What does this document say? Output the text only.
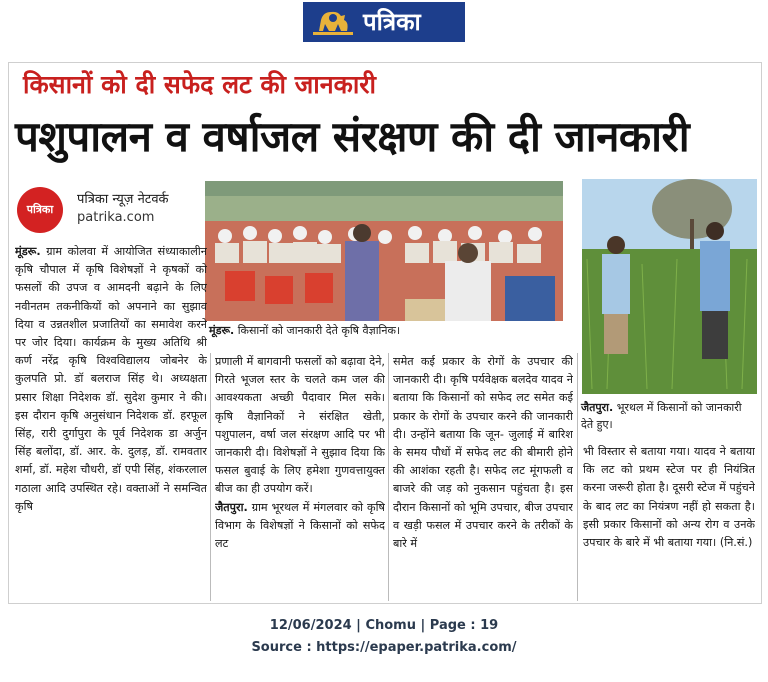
पत्रिका
किसानों को दी सफेद लट की जानकारी
पशुपालन व वर्षाजल संरक्षण की दी जानकारी
पत्रिका
पत्रिका न्यूज़ नेटवर्क
patrika.com
मूंडरू. किसानों को जानकारी देते कृषि वैज्ञानिक।
जैतपुरा. भूरथल में किसानों को जानकारी देते हुए।
मूंडरू. ग्राम कोलवा में आयोजित संध्याकालीन कृषि चौपाल में कृषि विशेषज्ञों ने कृषकों को फसलों की उपज व आमदनी बढ़ाने के लिए नवीनतम तकनीकियों को अपनाने का सुझाव दिया व उन्नतशील प्रजातियों का समावेश करने पर जोर दिया। कार्यक्रम के मुख्य अतिथि श्री कर्ण नरेंद्र कृषि विश्वविद्यालय जोबनेर के कुलपति प्रो. डॉ बलराज सिंह थे। अध्यक्षता प्रसार शिक्षा निदेशक डॉ. सुदेश कुमार ने की। इस दौरान कृषि अनुसंधान निदेशक डॉ. हरफूल सिंह, रारी दुर्गापुरा के पूर्व निदेशक डा अर्जुन सिंह बलोंदा, डॉ. आर. के. दुलड़, डॉ. रामवतार शर्मा, डॉ. महेश चौधरी, डॉ एपी सिंह, शंकरलाल गठाला आदि उपस्थित रहे। वक्ताओं ने समन्वित कृषि
प्रणाली में बागवानी फसलों को बढ़ावा देने, गिरते भूजल स्तर के चलते कम जल की आवश्यकता अच्छी पैदावार मिल सके। कृषि वैज्ञानिकों ने संरक्षित खेती, पशुपालन, वर्षा जल संरक्षण आदि पर भी जानकारी दी। विशेषज्ञों ने सुझाव दिया कि फसल बुवाई के लिए हमेशा गुणवत्तायुक्त बीज का ही उपयोग करें।
जैतपुरा. ग्राम भूरथल में मंगलवार को कृषि विभाग के विशेषज्ञों ने किसानों को सफेद लट
समेत कई प्रकार के रोगों के उपचार की जानकारी दी। कृषि पर्यवेक्षक बलदेव यादव ने बताया कि किसानों को सफेद लट समेत कई प्रकार के रोगों के उपचार करने की जानकारी दी। उन्होंने बताया कि जून- जुलाई में बारिश के समय पौधों में सफेद लट की बीमारी होने की आशंका रहती है। सफेद लट मूंगफली व बाजरे की जड़ को नुकसान पहुंचता है। इस दौरान किसानों को भूमि उपचार, बीज उपचार व खड़ी फसल में उपचार करने के तरीकों के बारे में
भी विस्तार से बताया गया। यादव ने बताया कि लट को प्रथम स्टेज पर ही नियंत्रित करना जरूरी होता है। दूसरी स्टेज में पहुंचने के बाद लट का नियंत्रण नहीं हो सकता है। इसी प्रकार किसानों को अन्य रोग व उनके उपचार के बारे में भी बताया गया। (नि.सं.)
12/06/2024 | Chomu | Page : 19
Source : https://epaper.patrika.com/
